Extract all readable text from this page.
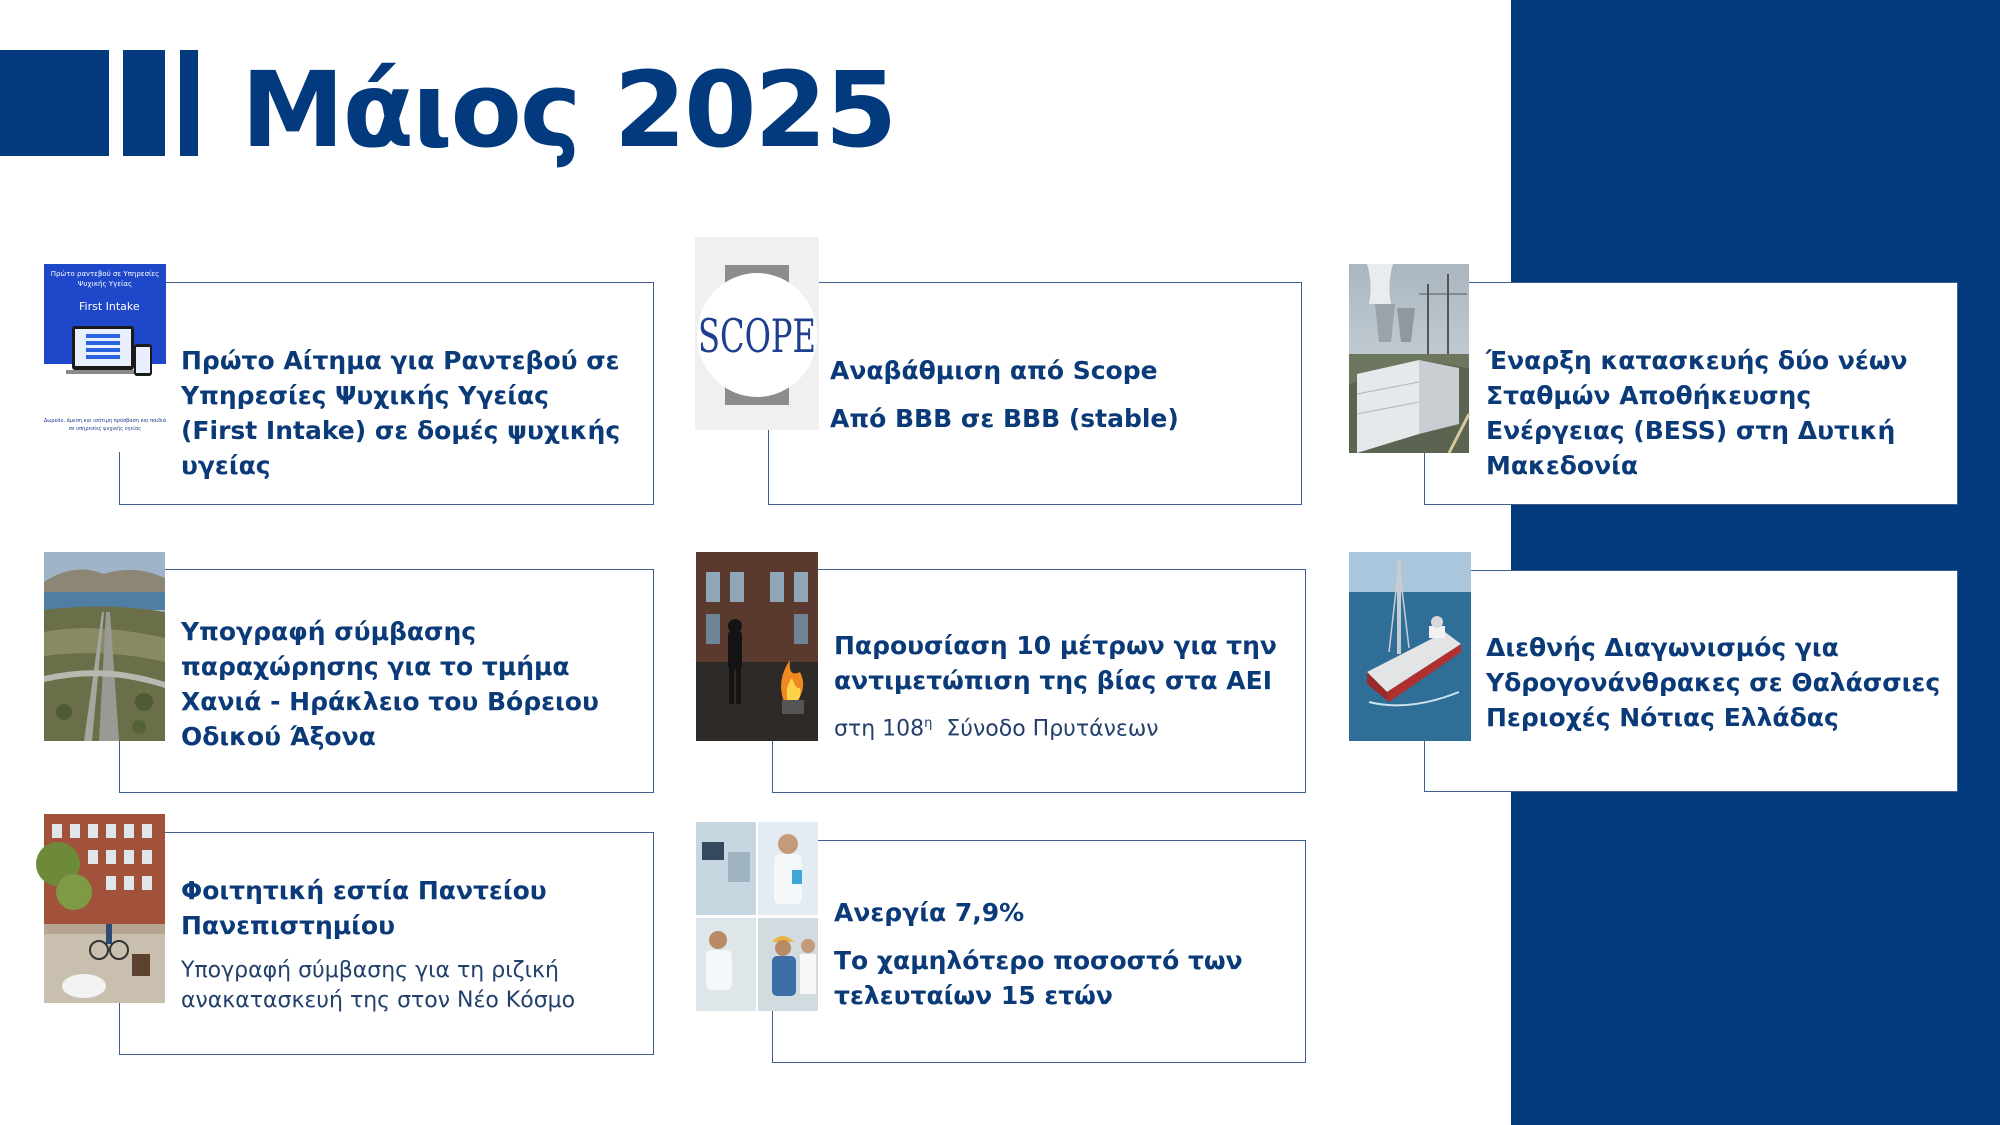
Μάιος 2025
Πρώτο ραντεβού σε Υπηρεσίες
Ψυχικής Υγείας
First Intake
Δωρεάν, άμεση και ισότιμη πρόσβαση και παιδιά
σε υπηρεσίες ψυχικής υγείας
Πρώτο Αίτημα για Ραντεβού σε Υπηρεσίες Ψυχικής Υγείας (First Intake) σε δομές ψυχικής υγείας
SCOPE
Αναβάθμιση από Scope
Από BBB σε BBB (stable)
Έναρξη κατασκευής δύο νέων Σταθμών Αποθήκευσης Ενέργειας (BESS) στη Δυτική Μακεδονία
Υπογραφή σύμβασης παραχώρησης για το τμήμα Χανιά - Ηράκλειο του Βόρειου Οδικού Άξονα
Παρουσίαση 10 μέτρων για την αντιμετώπιση της βίας στα ΑΕΙ
στη $108^\eta$  Σύνοδο Πρυτάνεων
Διεθνής Διαγωνισμός για Υδρογονάνθρακες σε Θαλάσσιες Περιοχές Νότιας Ελλάδας
Φοιτητική εστία Παντείου Πανεπιστημίου
Υπογραφή σύμβασης για τη ριζική ανακατασκευή της στον Νέο Κόσμο
Ανεργία 7,9%
Το χαμηλότερο ποσοστό των τελευταίων 15 ετών
